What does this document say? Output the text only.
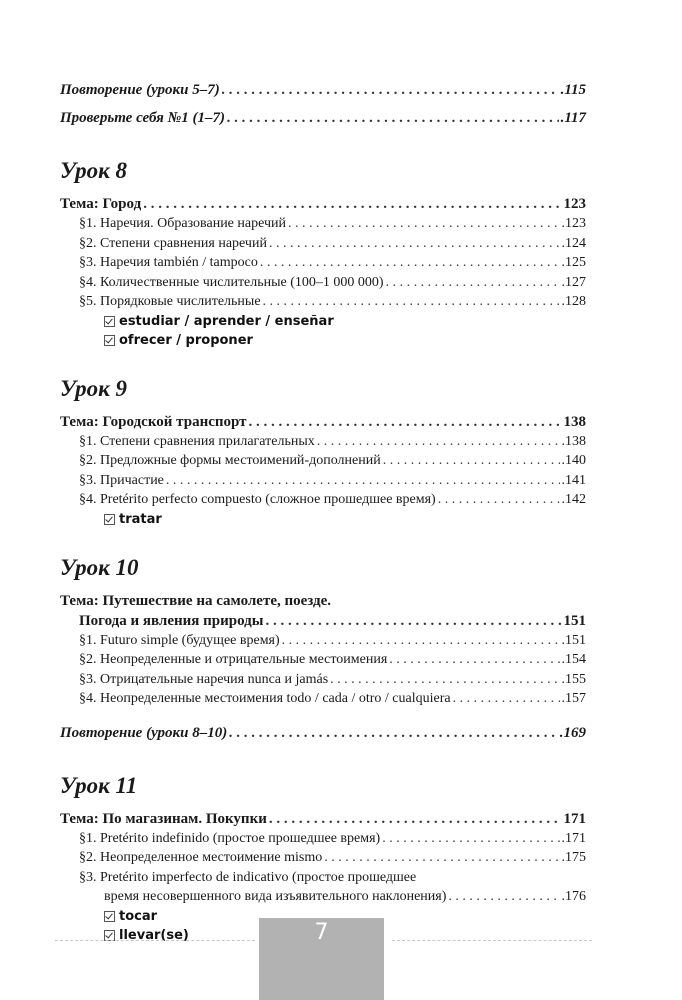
Повторение (уроки 5–7) . . .	.115
Проверьте себя №1 (1–7) . . .	.117
Урок 8
Тема: Город . . .	123
§1. Наречия. Образование наречий . . .	.123
§2. Степени сравнения наречий . . .	.124
§3. Наречия también / tampoco . . .	.125
§4. Количественные числительные (100–1 000 000) . . .	.127
§5. Порядковые числительные . . .	.128
estudiar / aprender / enseñar
ofrecer / proponer
Урок 9
Тема: Городской транспорт . . .	138
§1. Степени сравнения прилагательных . . .	.138
§2. Предложные формы местоимений-дополнений . . .	.140
§3. Причастие . . .	.141
§4. Pretérito perfecto compuesto (сложное прошедшее время) . . .	.142
tratar
Урок 10
Тема: Путешествие на самолете, поезде.
Погода и явления природы . . .	151
§1. Futuro simple (будущее время) . . .	.151
§2. Неопределенные и отрицательные местоимения . . .	.154
§3. Отрицательные наречия nunca и jamás . . .	.155
§4. Неопределенные местоимения todo / cada / otro / cualquiera . . .	.157
Повторение (уроки 8–10) . . .	.169
Урок 11
Тема: По магазинам. Покупки . . .	171
§1. Pretérito indefinido (простое прошедшее время) . . .	.171
§2. Неопределенное местоимение mismo . . .	.175
§3. Pretérito imperfecto de indicativo (простое прошедшее
время несовершенного вида изъявительного наклонения) . . .	.176
tocar
llevar(se)	7
